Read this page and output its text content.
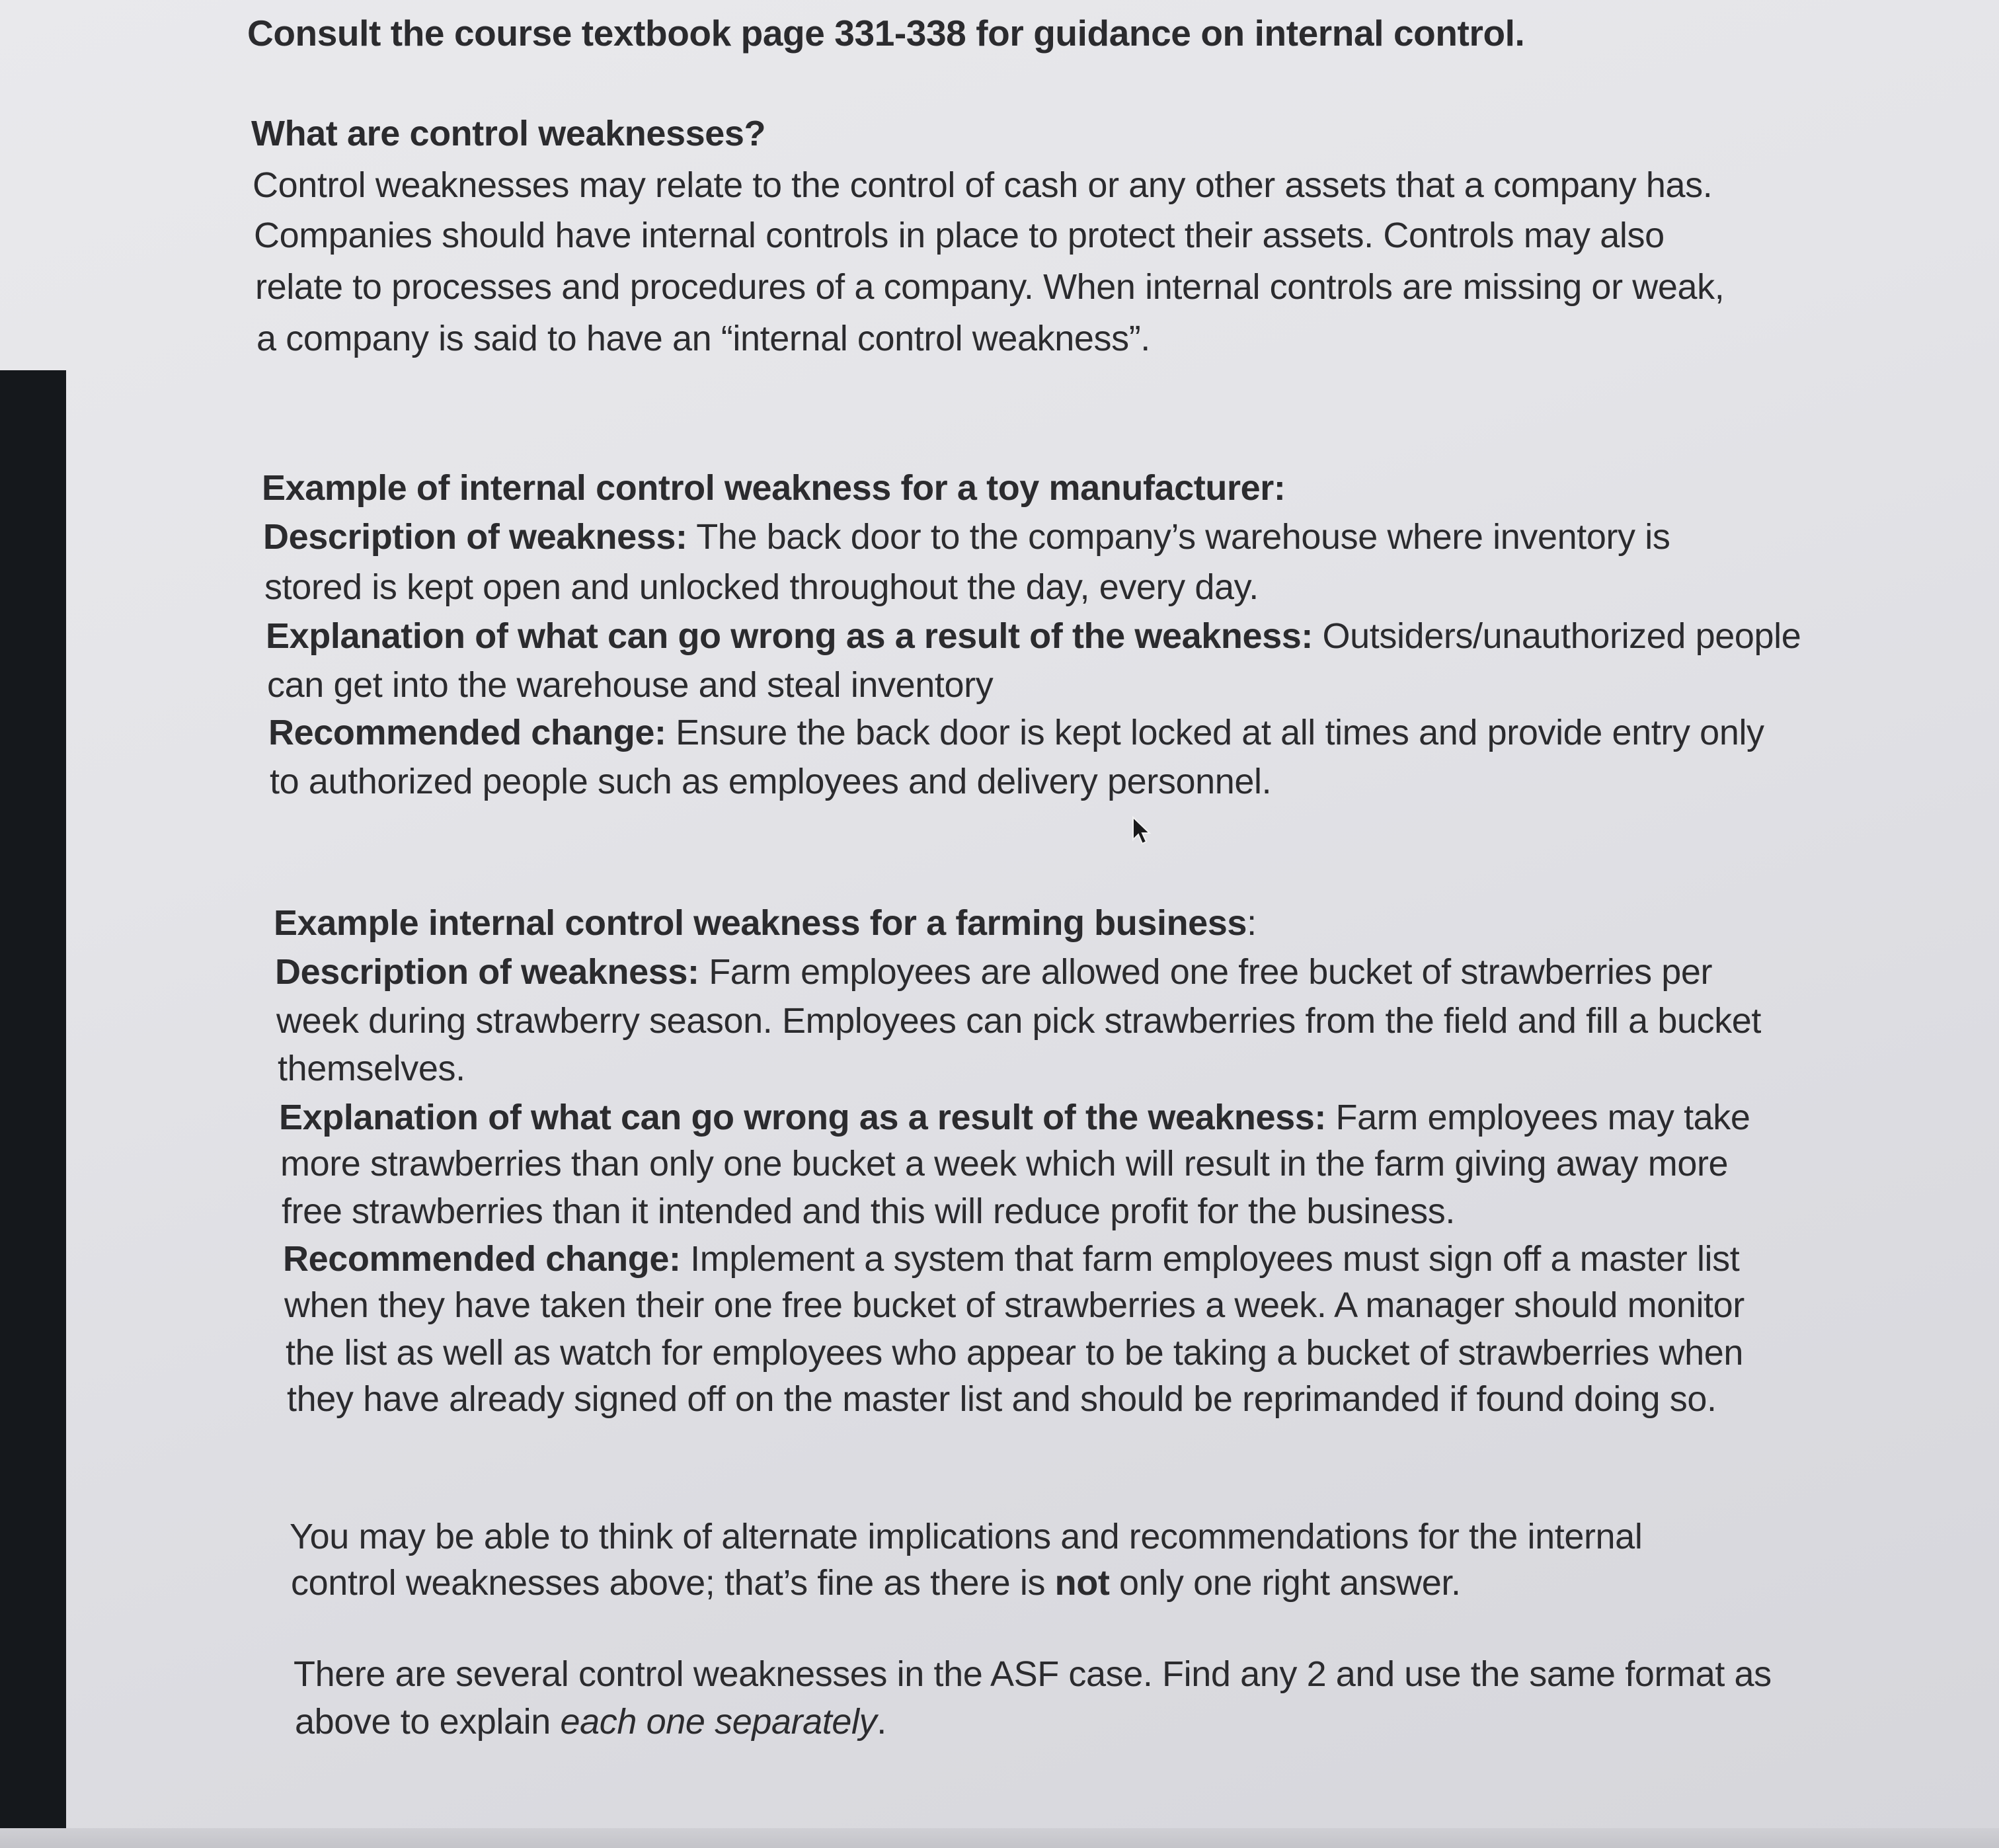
Consult the course textbook page 331-338 for guidance on internal control.
What are control weaknesses?
Control weaknesses may relate to the control of cash or any other assets that a company has.
Companies should have internal controls in place to protect their assets. Controls may also
relate to processes and procedures of a company. When internal controls are missing or weak,
a company is said to have an “internal control weakness”.
Example of internal control weakness for a toy manufacturer:
Description of weakness: The back door to the company’s warehouse where inventory is
stored is kept open and unlocked throughout the day, every day.
Explanation of what can go wrong as a result of the weakness: Outsiders/unauthorized people
can get into the warehouse and steal inventory
Recommended change: Ensure the back door is kept locked at all times and provide entry only
to authorized people such as employees and delivery personnel.
Example internal control weakness for a farming business:
Description of weakness: Farm employees are allowed one free bucket of strawberries per
week during strawberry season. Employees can pick strawberries from the field and fill a bucket
themselves.
Explanation of what can go wrong as a result of the weakness: Farm employees may take
more strawberries than only one bucket a week which will result in the farm giving away more
free strawberries than it intended and this will reduce profit for the business.
Recommended change: Implement a system that farm employees must sign off a master list
when they have taken their one free bucket of strawberries a week. A manager should monitor
the list as well as watch for employees who appear to be taking a bucket of strawberries when
they have already signed off on the master list and should be reprimanded if found doing so.
You may be able to think of alternate implications and recommendations for the internal
control weaknesses above; that’s fine as there is not only one right answer.
There are several control weaknesses in the ASF case. Find any 2 and use the same format as
above to explain each one separately.
